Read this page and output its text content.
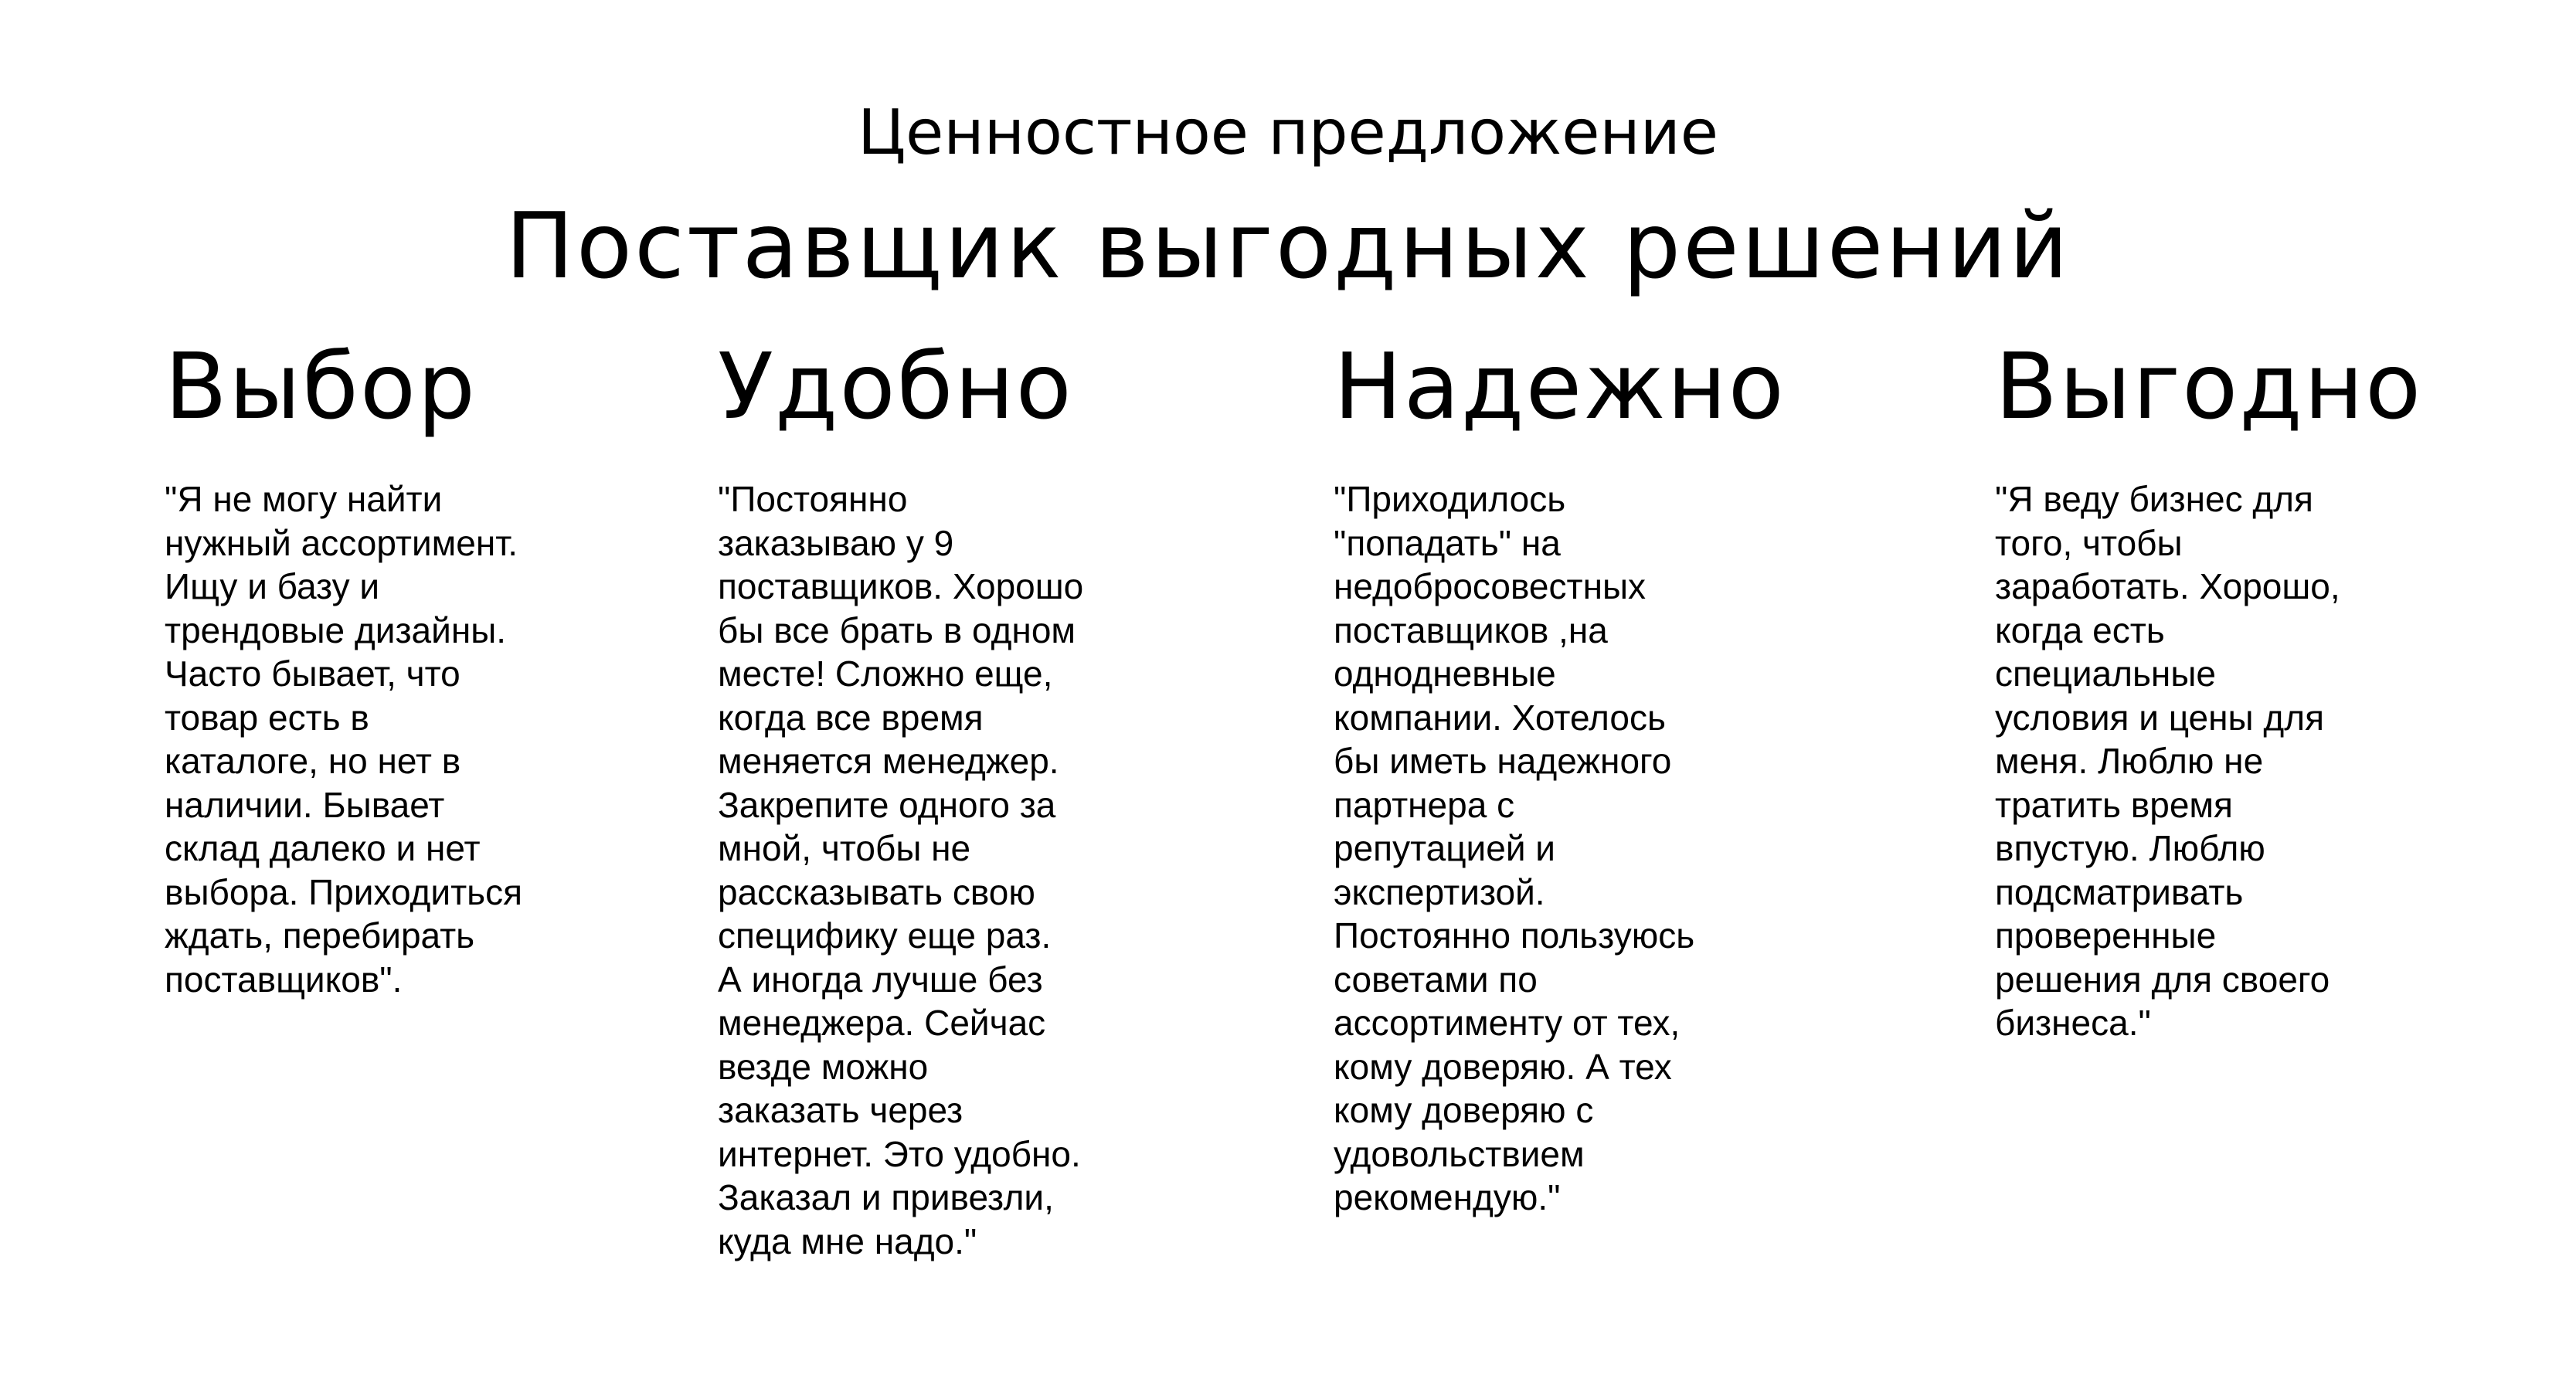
Ценностное предложение
Поставщик выгодных решений
Выбор
"Я не могу найти
нужный ассортимент.
Ищу и базу и
трендовые дизайны.
Часто бывает, что
товар есть в
каталоге, но нет в
наличии. Бывает
склад далеко и нет
выбора. Приходиться
ждать, перебирать
поставщиков".
Удобно
"Постоянно
заказываю у 9
поставщиков. Хорошо
бы все брать в одном
месте! Сложно еще,
когда все время
меняется менеджер.
Закрепите одного за
мной, чтобы не
рассказывать свою
специфику еще раз.
А иногда лучше без
менеджера. Сейчас
везде можно
заказать через
интернет. Это удобно.
Заказал и привезли,
куда мне надо."
Надежно
"Приходилось
"попадать" на
недобросовестных
поставщиков ,на
однодневные
компании. Хотелось
бы иметь надежного
партнера с
репутацией и
экспертизой.
Постоянно пользуюсь
советами по
ассортименту от тех,
кому доверяю. А тех
кому доверяю с
удовольствием
рекомендую."
Выгодно
"Я веду бизнес для
того, чтобы
заработать. Хорошо,
когда есть
специальные
условия и цены для
меня. Люблю не
тратить время
впустую. Люблю
подсматривать
проверенные
решения для своего
бизнеса."
